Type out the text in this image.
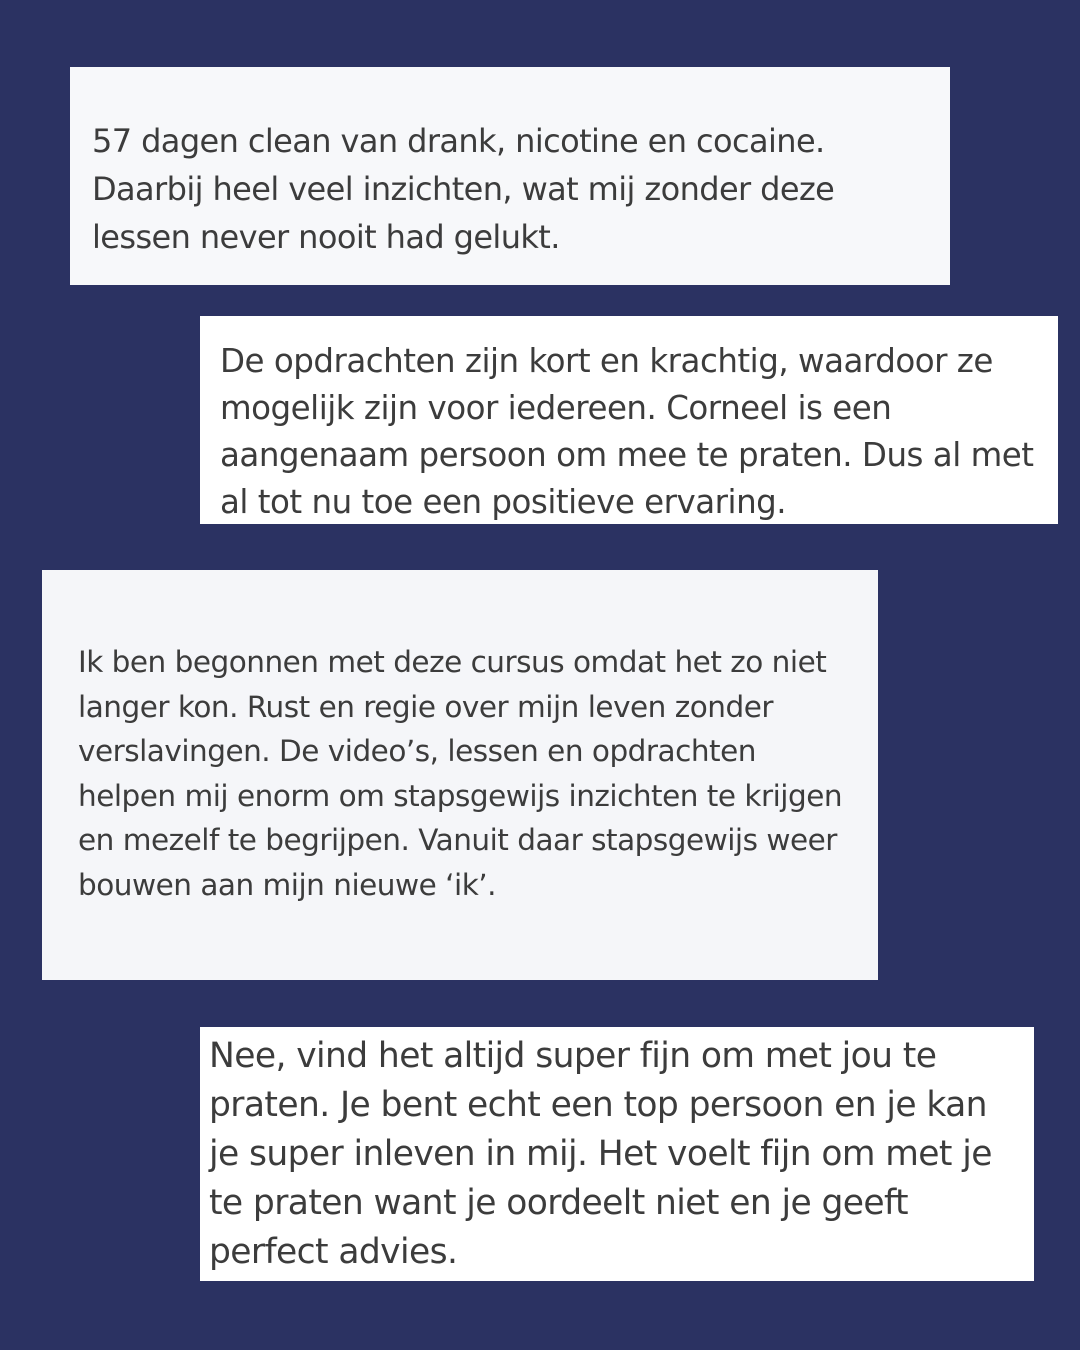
57 dagen clean van drank, nicotine en cocaine. Daarbij heel veel inzichten, wat mij zonder deze lessen never nooit had gelukt.

De opdrachten zijn kort en krachtig, waardoor ze mogelijk zijn voor iedereen. Corneel is een aangenaam persoon om mee te praten. Dus al met al tot nu toe een positieve ervaring.

Ik ben begonnen met deze cursus omdat het zo niet langer kon. Rust en regie over mijn leven zonder verslavingen. De video’s, lessen en opdrachten helpen mij enorm om stapsgewijs inzichten te krijgen en mezelf te begrijpen. Vanuit daar stapsgewijs weer bouwen aan mijn nieuwe ‘ik’.

Nee, vind het altijd super fijn om met jou te praten. Je bent echt een top persoon en je kan je super inleven in mij. Het voelt fijn om met je te praten want je oordeelt niet en je geeft perfect advies.
